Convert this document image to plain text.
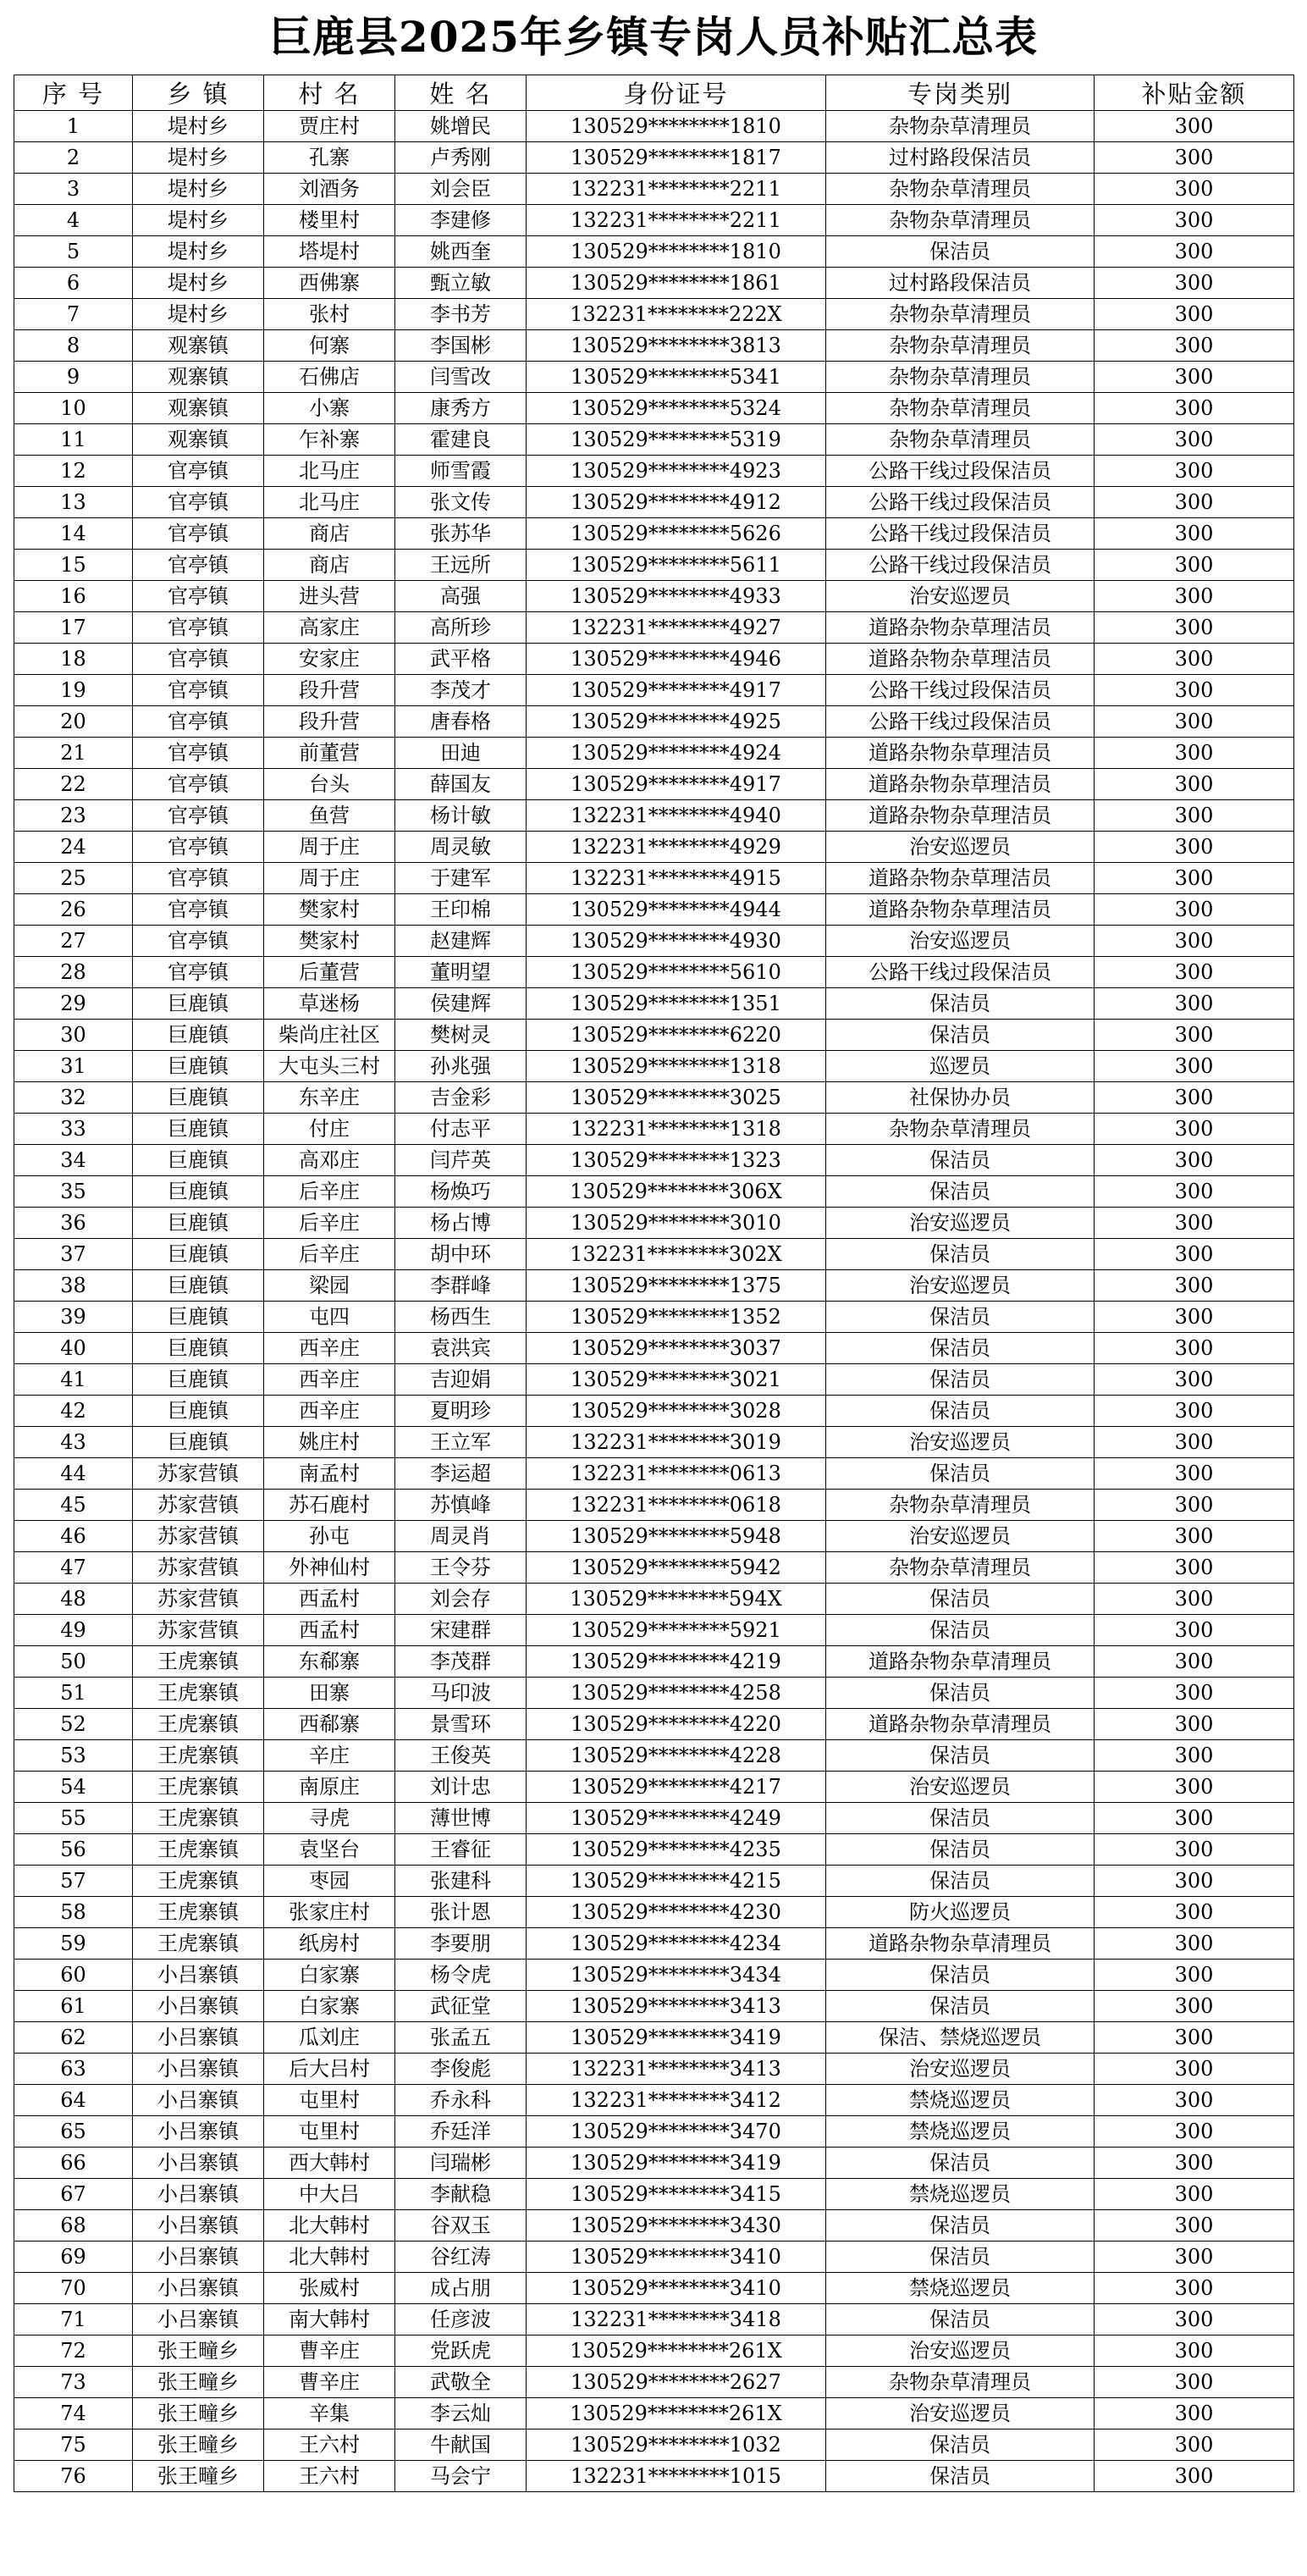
巨鹿县2025年乡镇专岗人员补贴汇总表
序 号	乡 镇	村 名	姓 名	身份证号	专岗类别	补贴金额
1	堤村乡	贾庄村	姚增民	130529********1810	杂物杂草清理员	300
2	堤村乡	孔寨	卢秀刚	130529********1817	过村路段保洁员	300
3	堤村乡	刘酒务	刘会臣	132231********2211	杂物杂草清理员	300
4	堤村乡	楼里村	李建修	132231********2211	杂物杂草清理员	300
5	堤村乡	塔堤村	姚西奎	130529********1810	保洁员	300
6	堤村乡	西佛寨	甄立敏	130529********1861	过村路段保洁员	300
7	堤村乡	张村	李书芳	132231********222X	杂物杂草清理员	300
8	观寨镇	何寨	李国彬	130529********3813	杂物杂草清理员	300
9	观寨镇	石佛店	闫雪改	130529********5341	杂物杂草清理员	300
10	观寨镇	小寨	康秀方	130529********5324	杂物杂草清理员	300
11	观寨镇	乍补寨	霍建良	130529********5319	杂物杂草清理员	300
12	官亭镇	北马庄	师雪霞	130529********4923	公路干线过段保洁员	300
13	官亭镇	北马庄	张文传	130529********4912	公路干线过段保洁员	300
14	官亭镇	商店	张苏华	130529********5626	公路干线过段保洁员	300
15	官亭镇	商店	王远所	130529********5611	公路干线过段保洁员	300
16	官亭镇	进头营	高强	130529********4933	治安巡逻员	300
17	官亭镇	高家庄	高所珍	132231********4927	道路杂物杂草理洁员	300
18	官亭镇	安家庄	武平格	130529********4946	道路杂物杂草理洁员	300
19	官亭镇	段升营	李茂才	130529********4917	公路干线过段保洁员	300
20	官亭镇	段升营	唐春格	130529********4925	公路干线过段保洁员	300
21	官亭镇	前董营	田迪	130529********4924	道路杂物杂草理洁员	300
22	官亭镇	台头	薛国友	130529********4917	道路杂物杂草理洁员	300
23	官亭镇	鱼营	杨计敏	132231********4940	道路杂物杂草理洁员	300
24	官亭镇	周于庄	周灵敏	132231********4929	治安巡逻员	300
25	官亭镇	周于庄	于建军	132231********4915	道路杂物杂草理洁员	300
26	官亭镇	樊家村	王印棉	130529********4944	道路杂物杂草理洁员	300
27	官亭镇	樊家村	赵建辉	130529********4930	治安巡逻员	300
28	官亭镇	后董营	董明望	130529********5610	公路干线过段保洁员	300
29	巨鹿镇	草迷杨	侯建辉	130529********1351	保洁员	300
30	巨鹿镇	柴尚庄社区	樊树灵	130529********6220	保洁员	300
31	巨鹿镇	大屯头三村	孙兆强	130529********1318	巡逻员	300
32	巨鹿镇	东辛庄	吉金彩	130529********3025	社保协办员	300
33	巨鹿镇	付庄	付志平	132231********1318	杂物杂草清理员	300
34	巨鹿镇	高邓庄	闫芹英	130529********1323	保洁员	300
35	巨鹿镇	后辛庄	杨焕巧	130529********306X	保洁员	300
36	巨鹿镇	后辛庄	杨占博	130529********3010	治安巡逻员	300
37	巨鹿镇	后辛庄	胡中环	132231********302X	保洁员	300
38	巨鹿镇	梁园	李群峰	130529********1375	治安巡逻员	300
39	巨鹿镇	屯四	杨西生	130529********1352	保洁员	300
40	巨鹿镇	西辛庄	袁洪宾	130529********3037	保洁员	300
41	巨鹿镇	西辛庄	吉迎娟	130529********3021	保洁员	300
42	巨鹿镇	西辛庄	夏明珍	130529********3028	保洁员	300
43	巨鹿镇	姚庄村	王立军	132231********3019	治安巡逻员	300
44	苏家营镇	南孟村	李运超	132231********0613	保洁员	300
45	苏家营镇	苏石鹿村	苏慎峰	132231********0618	杂物杂草清理员	300
46	苏家营镇	孙屯	周灵肖	130529********5948	治安巡逻员	300
47	苏家营镇	外神仙村	王令芬	130529********5942	杂物杂草清理员	300
48	苏家营镇	西孟村	刘会存	130529********594X	保洁员	300
49	苏家营镇	西孟村	宋建群	130529********5921	保洁员	300
50	王虎寨镇	东郗寨	李茂群	130529********4219	道路杂物杂草清理员	300
51	王虎寨镇	田寨	马印波	130529********4258	保洁员	300
52	王虎寨镇	西郗寨	景雪环	130529********4220	道路杂物杂草清理员	300
53	王虎寨镇	辛庄	王俊英	130529********4228	保洁员	300
54	王虎寨镇	南原庄	刘计忠	130529********4217	治安巡逻员	300
55	王虎寨镇	寻虎	薄世博	130529********4249	保洁员	300
56	王虎寨镇	袁坚台	王睿征	130529********4235	保洁员	300
57	王虎寨镇	枣园	张建科	130529********4215	保洁员	300
58	王虎寨镇	张家庄村	张计恩	130529********4230	防火巡逻员	300
59	王虎寨镇	纸房村	李要朋	130529********4234	道路杂物杂草清理员	300
60	小吕寨镇	白家寨	杨令虎	130529********3434	保洁员	300
61	小吕寨镇	白家寨	武征堂	130529********3413	保洁员	300
62	小吕寨镇	瓜刘庄	张孟五	130529********3419	保洁、禁烧巡逻员	300
63	小吕寨镇	后大吕村	李俊彪	132231********3413	治安巡逻员	300
64	小吕寨镇	屯里村	乔永科	132231********3412	禁烧巡逻员	300
65	小吕寨镇	屯里村	乔廷洋	130529********3470	禁烧巡逻员	300
66	小吕寨镇	西大韩村	闫瑞彬	130529********3419	保洁员	300
67	小吕寨镇	中大吕	李献稳	130529********3415	禁烧巡逻员	300
68	小吕寨镇	北大韩村	谷双玉	130529********3430	保洁员	300
69	小吕寨镇	北大韩村	谷红涛	130529********3410	保洁员	300
70	小吕寨镇	张威村	成占朋	130529********3410	禁烧巡逻员	300
71	小吕寨镇	南大韩村	任彦波	132231********3418	保洁员	300
72	张王疃乡	曹辛庄	党跃虎	130529********261X	治安巡逻员	300
73	张王疃乡	曹辛庄	武敬全	130529********2627	杂物杂草清理员	300
74	张王疃乡	辛集	李云灿	130529********261X	治安巡逻员	300
75	张王疃乡	王六村	牛献国	130529********1032	保洁员	300
76	张王疃乡	王六村	马会宁	132231********1015	保洁员	300
